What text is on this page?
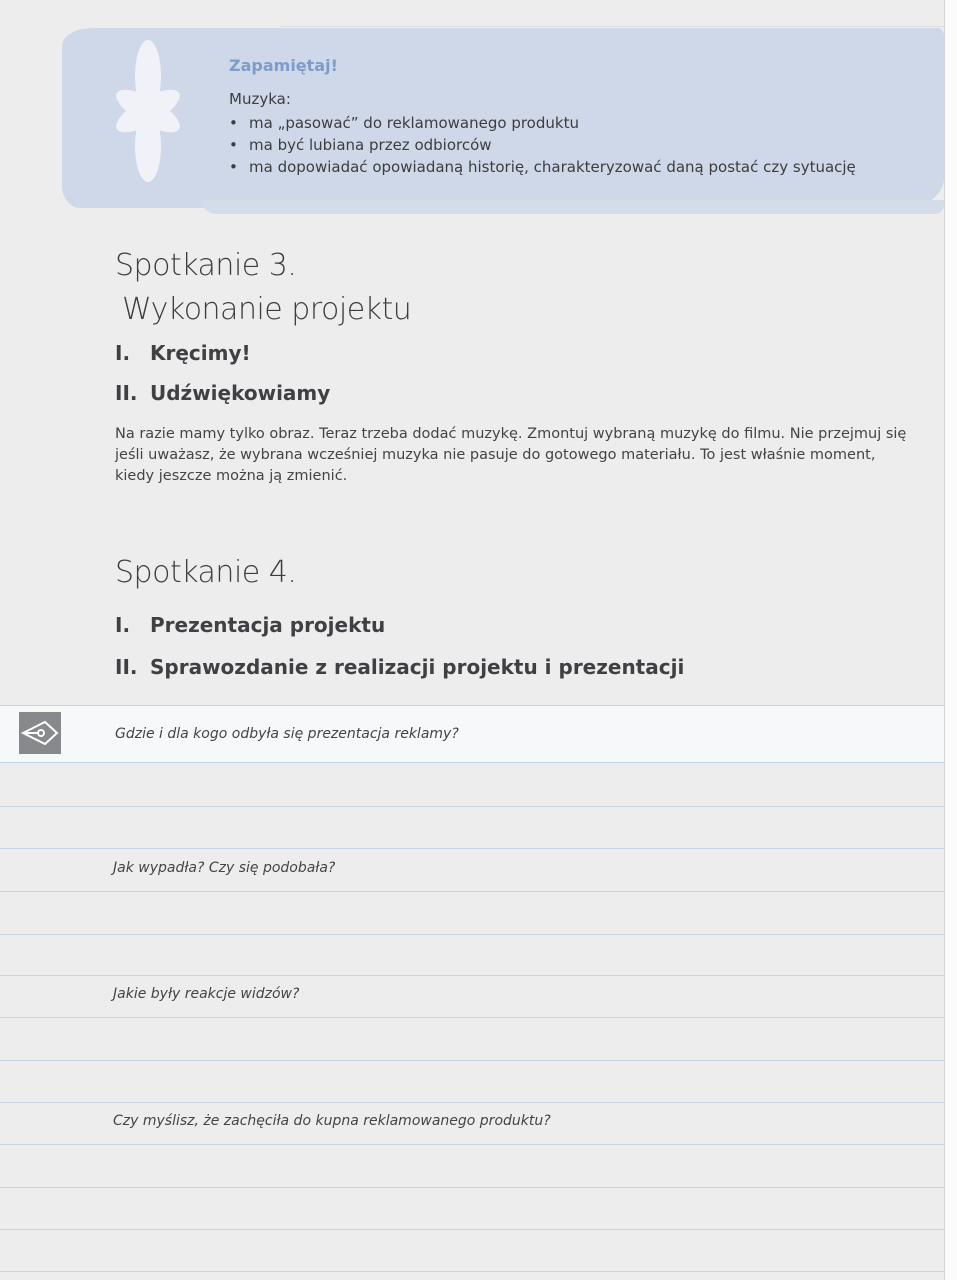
Zapamiętaj!
Muzyka:
• ma „pasować” do reklamowanego produktu
• ma być lubiana przez odbiorców
• ma dopowiadać opowiadaną historię, charakteryzować daną postać czy sytuację
Spotkanie 3.
Wykonanie projektu
I. Kręcimy!
II. Udźwiękowiamy

Na razie mamy tylko obraz. Teraz trzeba dodać muzykę. Zmontuj wybraną muzykę do filmu. Nie przejmuj się jeśli uważasz, że wybrana wcześniej muzyka nie pasuje do gotowego materiału. To jest właśnie moment, kiedy jeszcze można ją zmienić.

Spotkanie 4.
I. Prezentacja projektu
II. Sprawozdanie z realizacji projektu i prezentacji
Gdzie i dla kogo odbyła się prezentacja reklamy?
Jak wypadła? Czy się podobała?
Jakie były reakcje widzów?
Czy myślisz, że zachęciła do kupna reklamowanego produktu?
